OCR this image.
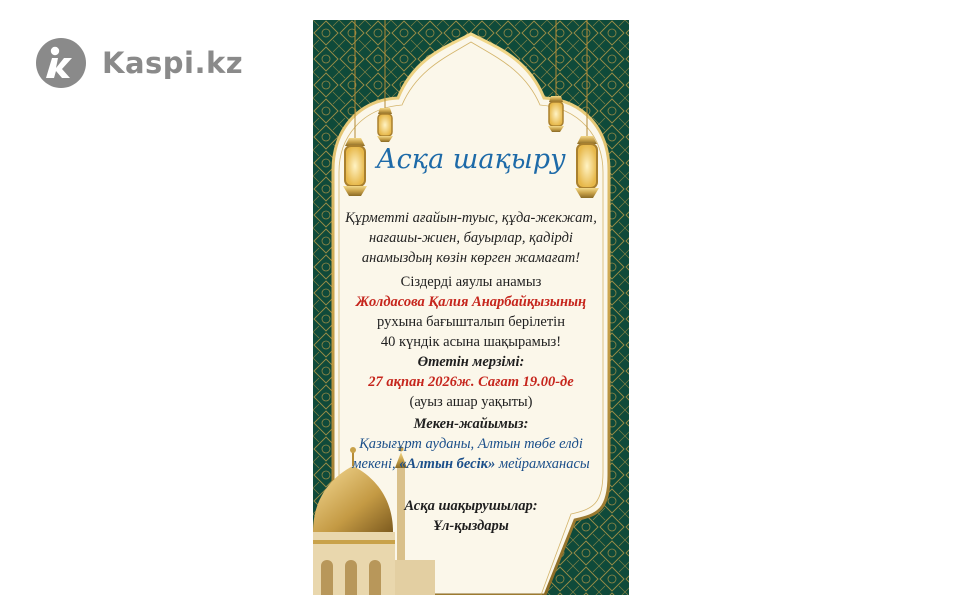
Kaspi.kz
Асқа шақыру
Құрметті ағайын-туыс, құда-жекжат,
нағашы-жиен, бауырлар, қадірді
анамыздың көзін көрген жамағат!
Сіздерді аяулы анамыз
Жолдасова Қалия Анарбайқызының
рухына бағышталып берілетін
40 күндік асына шақырамыз!
Өтетін мерзімі:
27 ақпан 2026ж. Сағат 19.00-де
(ауыз ашар уақыты)
Мекен-жайымыз:
Қазығұрт ауданы, Алтын төбе елді
мекені, «Алтын бесік» мейрамханасы
Асқа шақырушылар:
Ұл-қыздары
